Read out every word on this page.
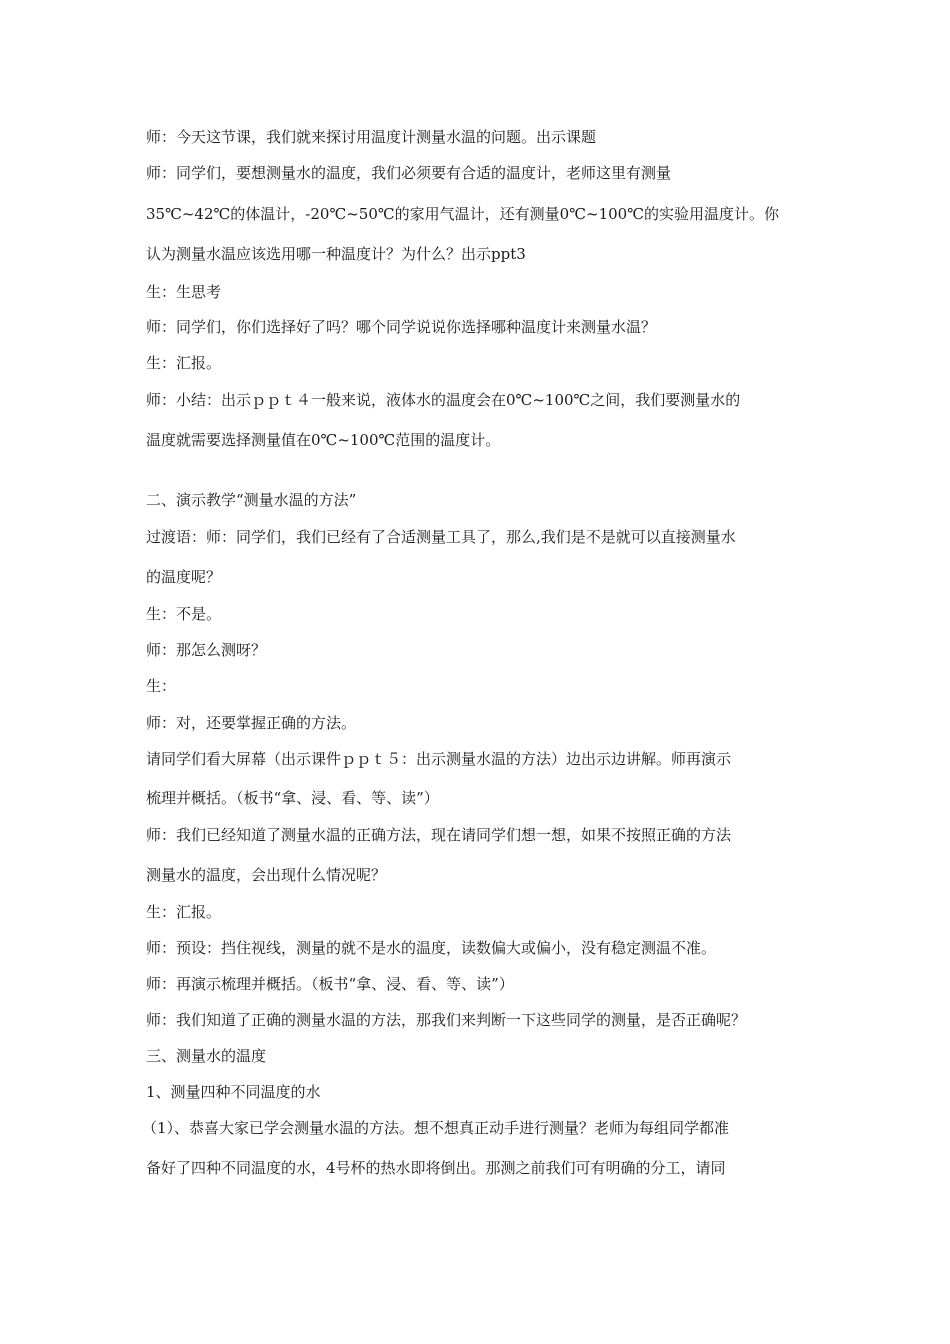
师：今天这节课，我们就来探讨用温度计测量水温的问题。出示课题

师：同学们，要想测量水的温度，我们必须要有合适的温度计，老师这里有测量

35℃~42℃的体温计，-20℃~50℃的家用气温计，还有测量0℃~100℃的实验用温度计。你

认为测量水温应该选用哪一种温度计？为什么？出示ppt3

生：生思考

师：同学们，你们选择好了吗？哪个同学说说你选择哪种温度计来测量水温？

生：汇报。

师：小结：出示ｐｐｔ４一般来说，液体水的温度会在0℃~100℃之间，我们要测量水的

温度就需要选择测量值在0℃~100℃范围的温度计。

二、演示教学“测量水温的方法”

过渡语：师：同学们，我们已经有了合适测量工具了，那么,我们是不是就可以直接测量水

的温度呢？

生：不是。

师：那怎么测呀？

生：

师：对，还要掌握正确的方法。

请同学们看大屏幕（出示课件ｐｐｔ５：出示测量水温的方法）边出示边讲解。师再演示

梳理并概括。（板书“拿、浸、看、等、读”）

师：我们已经知道了测量水温的正确方法，现在请同学们想一想，如果不按照正确的方法

测量水的温度，会出现什么情况呢？

生：汇报。

师：预设：挡住视线，测量的就不是水的温度，读数偏大或偏小，没有稳定测温不准。

师：再演示梳理并概括。（板书“拿、浸、看、等、读”）

师：我们知道了正确的测量水温的方法，那我们来判断一下这些同学的测量，是否正确呢？

三、测量水的温度

1、测量四种不同温度的水

（1）、恭喜大家已学会测量水温的方法。想不想真正动手进行测量？老师为每组同学都准

备好了四种不同温度的水，4号杯的热水即将倒出。那测之前我们可有明确的分工，请同
